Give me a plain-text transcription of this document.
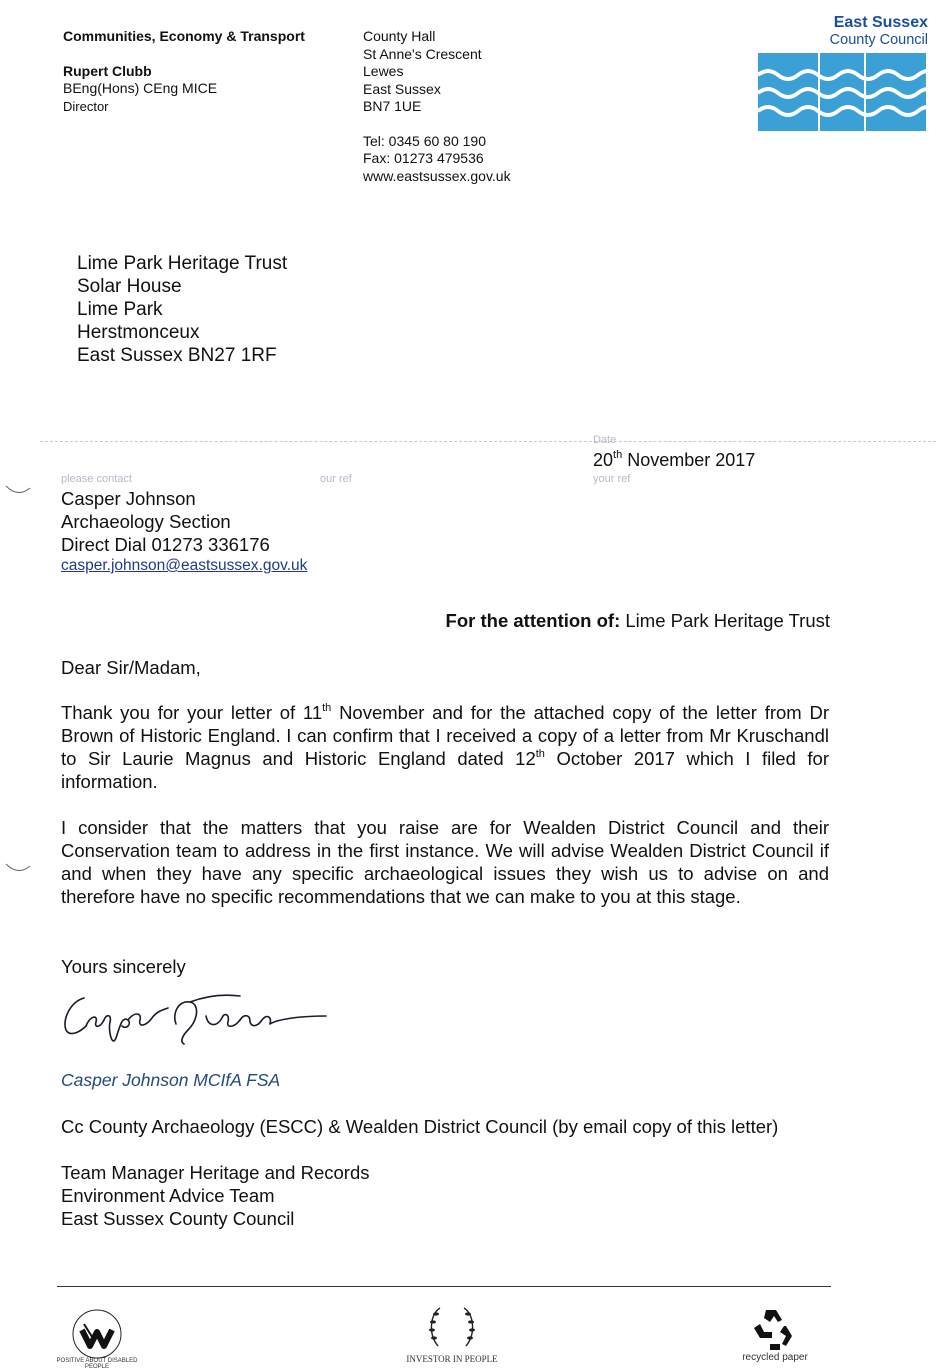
Communities, Economy & Transport
Rupert Clubb
BEng(Hons) CEng MICE
Director
County Hall
St Anne's Crescent
Lewes
East Sussex
BN7 1UE
Tel: 0345 60 80 190
Fax: 01273 479536
www.eastsussex.gov.uk
East Sussex
County Council
Lime Park Heritage Trust
Solar House
Lime Park
Herstmonceux
East Sussex BN27 1RF
please contact	our ref
Date
your ref
20th November 2017
Casper Johnson
Archaeology Section
Direct Dial 01273 336176
casper.johnson@eastsussex.gov.uk
For the attention of: Lime Park Heritage Trust
Dear Sir/Madam,
Thank you for your letter of 11th November and for the attached copy of the letter from Dr Brown of Historic England. I can confirm that I received a copy of a letter from Mr Kruschandl to Sir Laurie Magnus and Historic England dated 12th October 2017 which I filed for information.
I consider that the matters that you raise are for Wealden District Council and their Conservation team to address in the first instance. We will advise Wealden District Council if and when they have any specific archaeological issues they wish us to advise on and therefore have no specific recommendations that we can make to you at this stage.
Yours sincerely
Casper Johnson MCIfA FSA
Cc County Archaeology (ESCC) & Wealden District Council (by email copy of this letter)
Team Manager Heritage and Records
Environment Advice Team
East Sussex County Council
POSITIVE ABOUT DISABLED PEOPLE
INVESTOR IN PEOPLE	recycled paper
